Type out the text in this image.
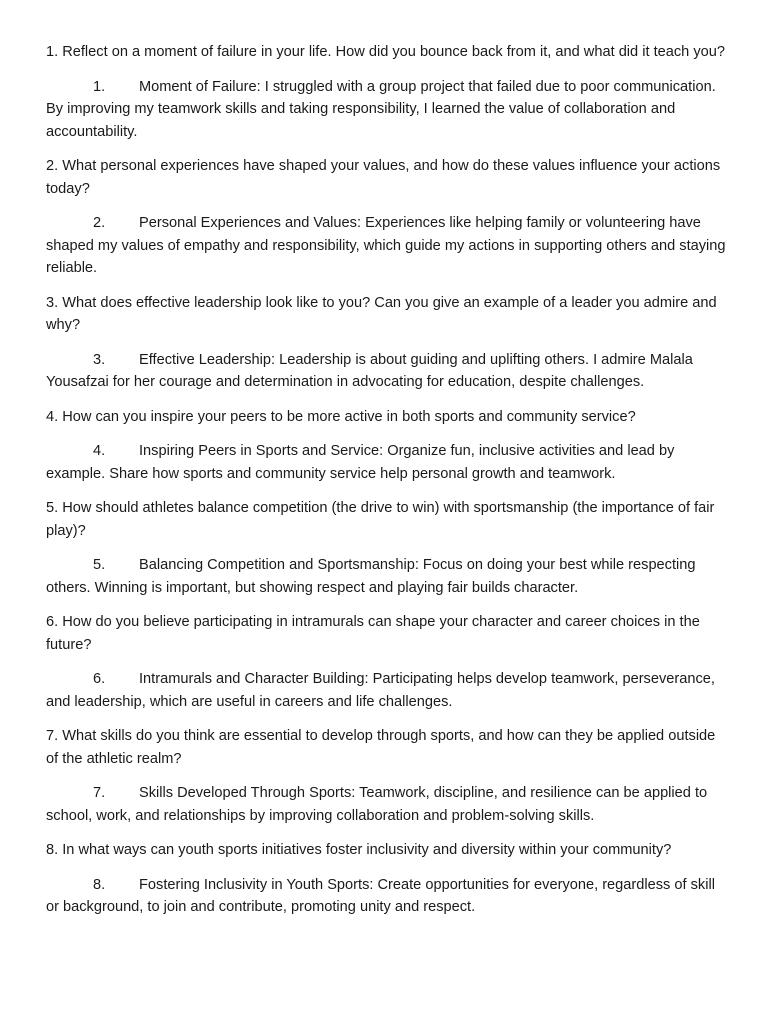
1. Reflect on a moment of failure in your life. How did you bounce back from it, and what did it teach you?

1. Moment of Failure: I struggled with a group project that failed due to poor communication. By improving my teamwork skills and taking responsibility, I learned the value of collaboration and accountability.

2. What personal experiences have shaped your values, and how do these values influence your actions today?

2. Personal Experiences and Values: Experiences like helping family or volunteering have shaped my values of empathy and responsibility, which guide my actions in supporting others and staying reliable.

3. What does effective leadership look like to you? Can you give an example of a leader you admire and why?

3. Effective Leadership: Leadership is about guiding and uplifting others. I admire Malala Yousafzai for her courage and determination in advocating for education, despite challenges.

4. How can you inspire your peers to be more active in both sports and community service?

4. Inspiring Peers in Sports and Service: Organize fun, inclusive activities and lead by example. Share how sports and community service help personal growth and teamwork.

5. How should athletes balance competition (the drive to win) with sportsmanship (the importance of fair play)?

5. Balancing Competition and Sportsmanship: Focus on doing your best while respecting others. Winning is important, but showing respect and playing fair builds character.

6. How do you believe participating in intramurals can shape your character and career choices in the future?

6. Intramurals and Character Building: Participating helps develop teamwork, perseverance, and leadership, which are useful in careers and life challenges.

7. What skills do you think are essential to develop through sports, and how can they be applied outside of the athletic realm?

7. Skills Developed Through Sports: Teamwork, discipline, and resilience can be applied to school, work, and relationships by improving collaboration and problem-solving skills.

8. In what ways can youth sports initiatives foster inclusivity and diversity within your community?

8. Fostering Inclusivity in Youth Sports: Create opportunities for everyone, regardless of skill or background, to join and contribute, promoting unity and respect.
